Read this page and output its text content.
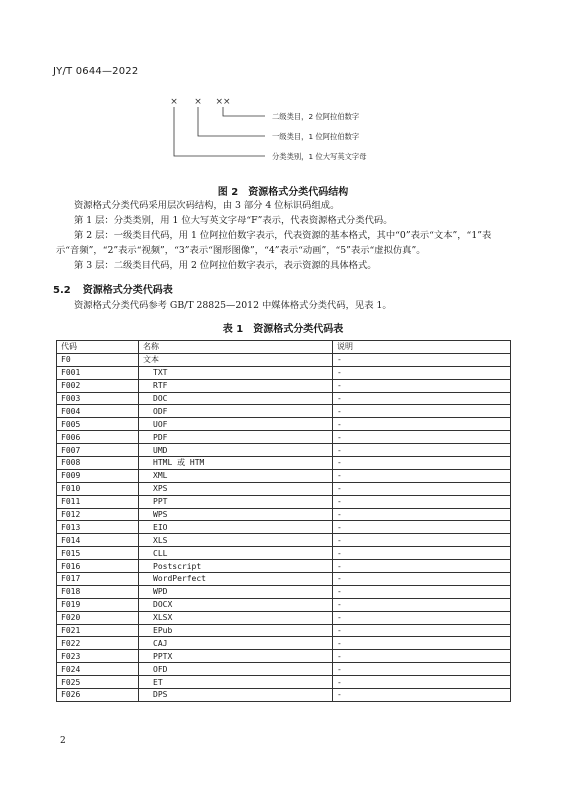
JY/T 0644—2022
× × ××
二级类目，2 位阿拉伯数字
一级类目，1 位阿拉伯数字
分类类别，1 位大写英文字母
图 2　资源格式分类代码结构
资源格式分类代码采用层次码结构，由 3 部分 4 位标识码组成。
第 1 层：分类类别，用 1 位大写英文字母“F”表示，代表资源格式分类代码。
第 2 层：一级类目代码，用 1 位阿拉伯数字表示，代表资源的基本格式，其中“0”表示“文本”，“1”表示“音频”，“2”表示“视频”，“3”表示“图形图像”，“4”表示“动画”，“5”表示“虚拟仿真”。
第 3 层：二级类目代码，用 2 位阿拉伯数字表示，表示资源的具体格式。
5.2 资源格式分类代码表
资源格式分类代码参考 GB/T 28825—2012 中媒体格式分类代码，见表 1。
表 1　资源格式分类代码表
代码	名称	说明
F0	文本	-
F001	TXT	-
F002	RTF	-
F003	DOC	-
F004	ODF	-
F005	UOF	-
F006	PDF	-
F007	UMD	-
F008	HTML 或 HTM	-
F009	XML	-
F010	XPS	-
F011	PPT	-
F012	WPS	-
F013	EIO	-
F014	XLS	-
F015	CLL	-
F016	Postscript	-
F017	WordPerfect	-
F018	WPD	-
F019	DOCX	-
F020	XLSX	-
F021	EPub	-
F022	CAJ	-
F023	PPTX	-
F024	OFD	-
F025	ET	-
F026	DPS	-
2
